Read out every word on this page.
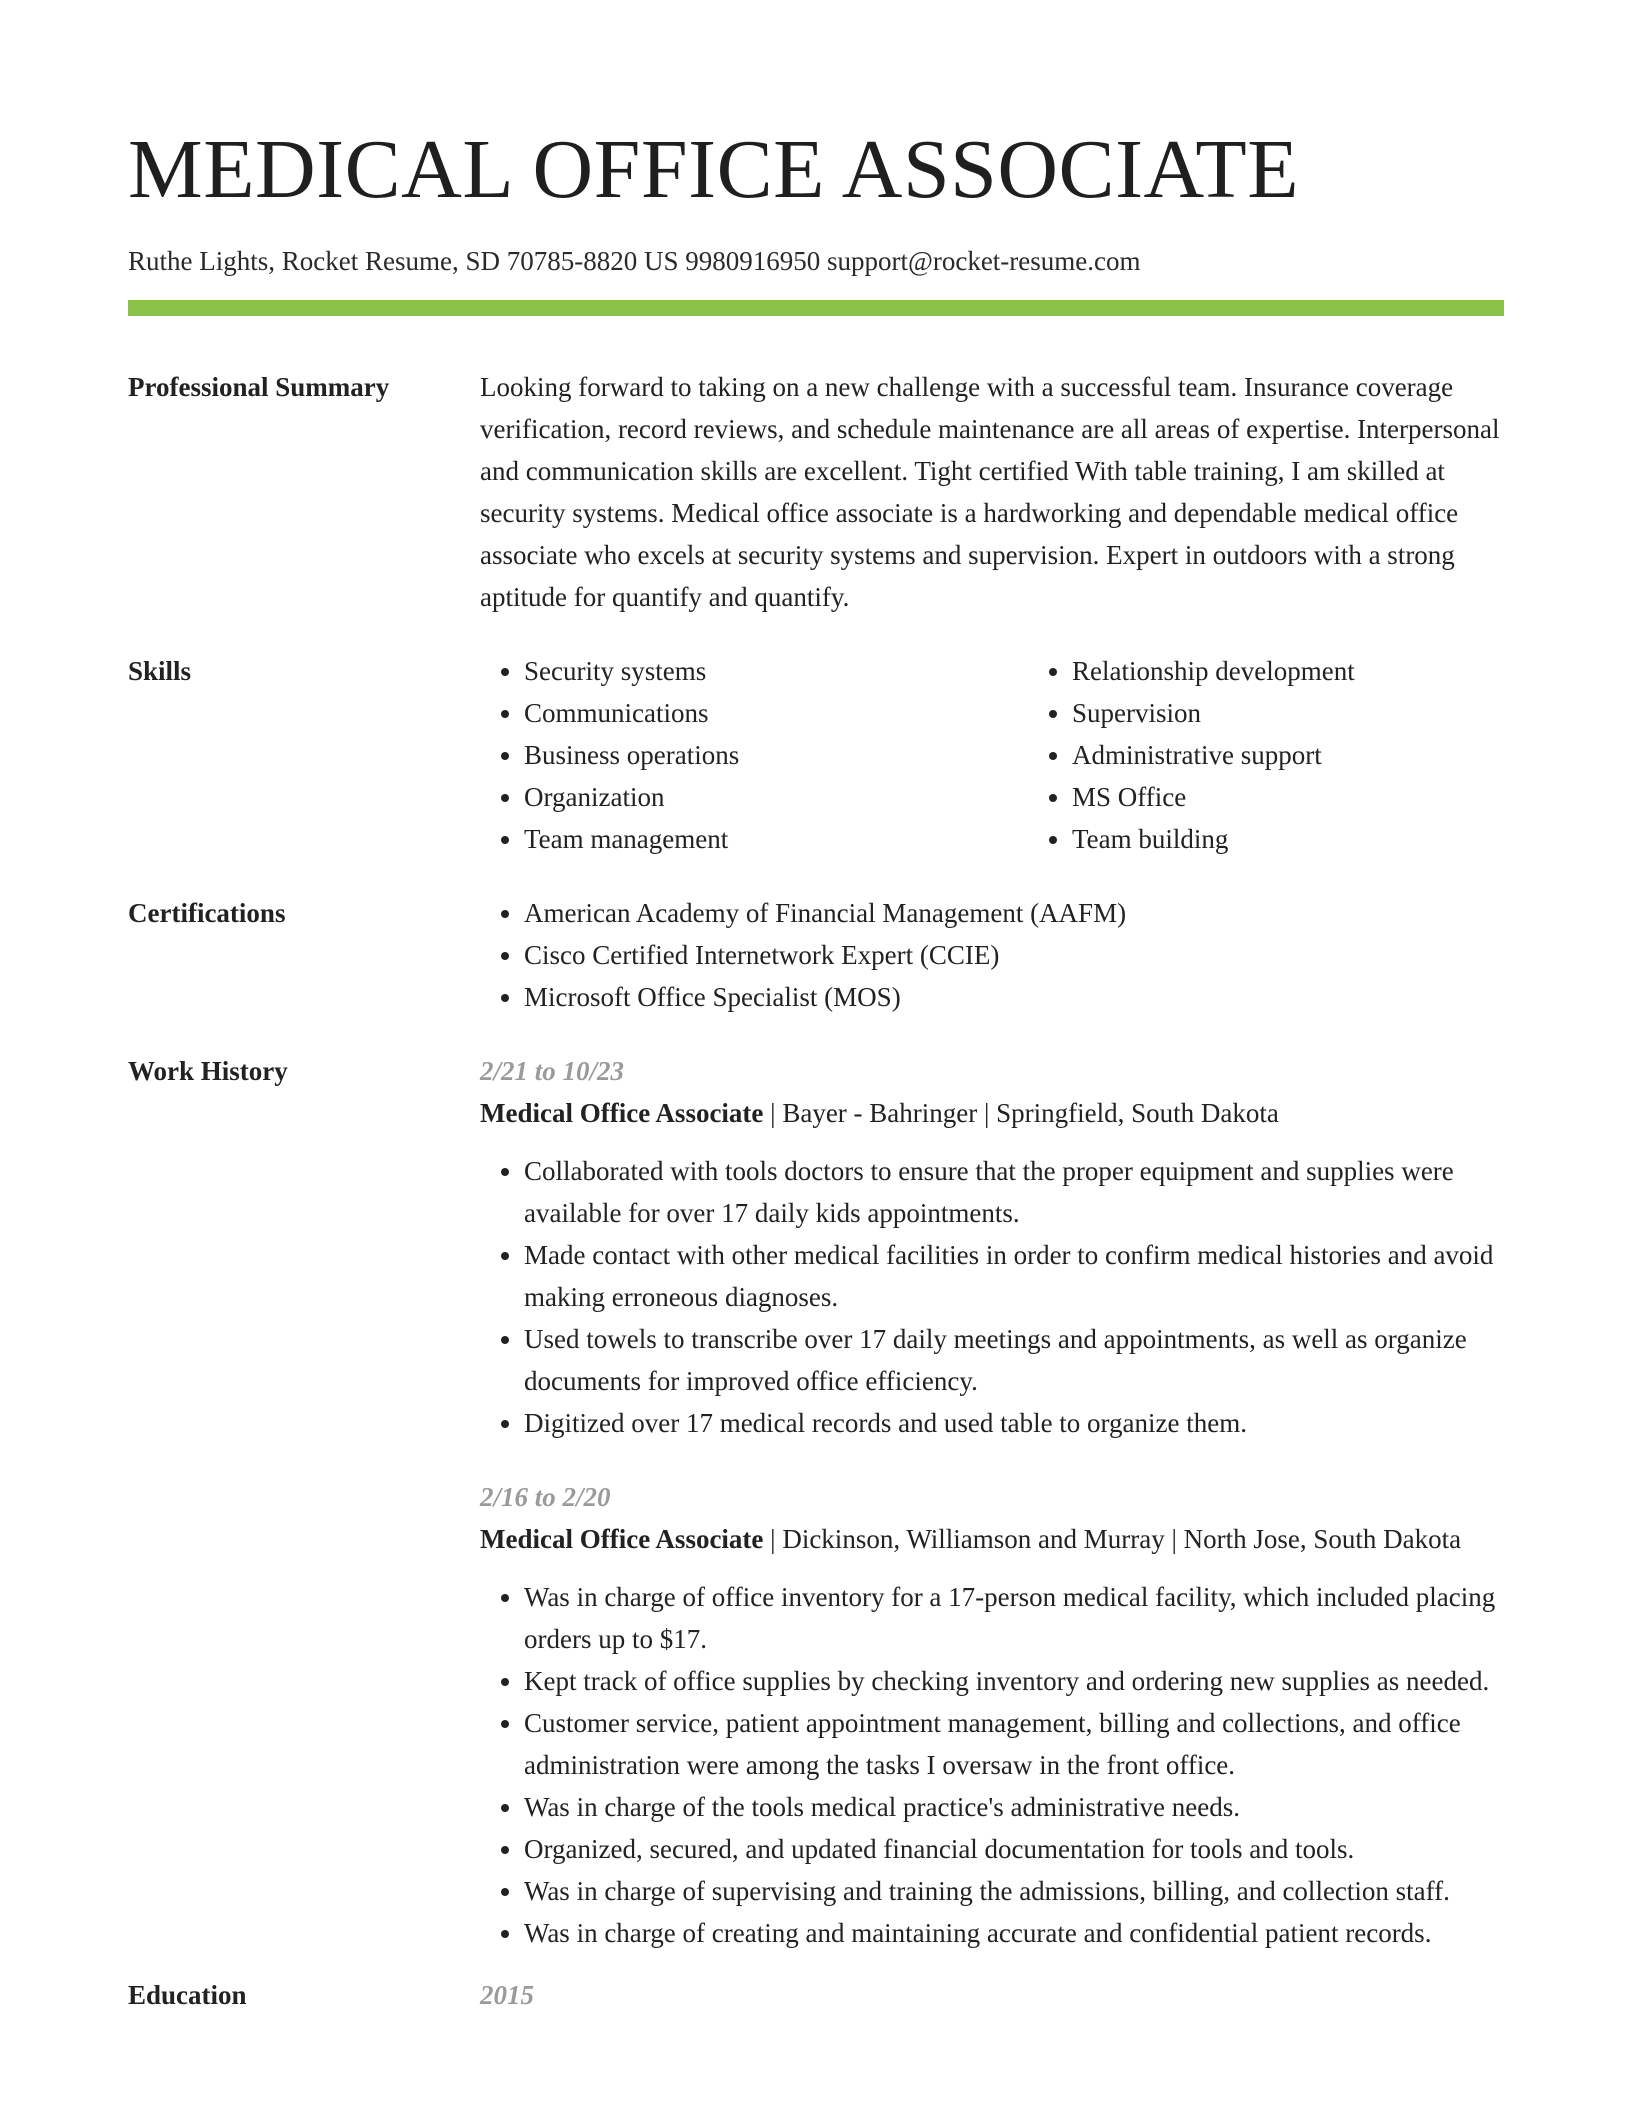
MEDICAL OFFICE ASSOCIATE
Ruthe Lights, Rocket Resume, SD 70785-8820 US 9980916950 support@rocket-resume.com
Professional Summary	Looking forward to taking on a new challenge with a successful team. Insurance coverage verification, record reviews, and schedule maintenance are all areas of expertise. Interpersonal and communication skills are excellent. Tight certified With table training, I am skilled at security systems. Medical office associate is a hardworking and dependable medical office associate who excels at security systems and supervision. Expert in outdoors with a strong aptitude for quantify and quantify.
Skills	• Security systems
• Communications
• Business operations
• Organization
• Team management
• Relationship development
• Supervision
• Administrative support
• MS Office
• Team building
Certifications	• American Academy of Financial Management (AAFM)
• Cisco Certified Internetwork Expert (CCIE)
• Microsoft Office Specialist (MOS)
Work History	2/21 to 10/23
Medical Office Associate | Bayer - Bahringer | Springfield, South Dakota
• Collaborated with tools doctors to ensure that the proper equipment and supplies were available for over 17 daily kids appointments.
• Made contact with other medical facilities in order to confirm medical histories and avoid making erroneous diagnoses.
• Used towels to transcribe over 17 daily meetings and appointments, as well as organize documents for improved office efficiency.
• Digitized over 17 medical records and used table to organize them.
2/16 to 2/20
Medical Office Associate | Dickinson, Williamson and Murray | North Jose, South Dakota
• Was in charge of office inventory for a 17-person medical facility, which included placing orders up to $17.
• Kept track of office supplies by checking inventory and ordering new supplies as needed.
• Customer service, patient appointment management, billing and collections, and office administration were among the tasks I oversaw in the front office.
• Was in charge of the tools medical practice's administrative needs.
• Organized, secured, and updated financial documentation for tools and tools.
• Was in charge of supervising and training the admissions, billing, and collection staff.
• Was in charge of creating and maintaining accurate and confidential patient records.
Education	2015
